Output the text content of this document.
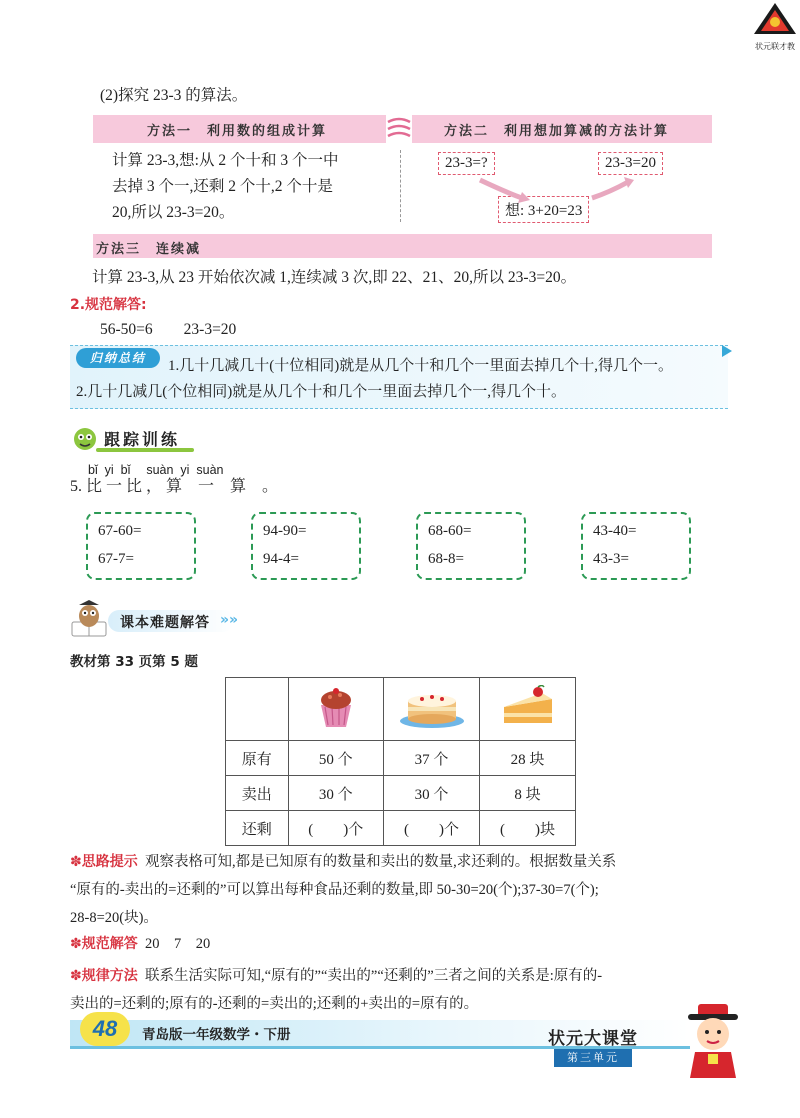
状元联才教
(2)探究 23-3 的算法。
方法一　利用数的组成计算	方法二　利用想加算减的方法计算
计算 23-3,想:从 2 个十和 3 个一中
去掉 3 个一,还剩 2 个十,2 个十是
20,所以 23-3=20。
23-3=?	23-3=20
想: 3+20=23
方法三　连续减
计算 23-3,从 23 开始依次减 1,连续减 3 次,即 22、21、20,所以 23-3=20。
2.规范解答:
56-50=6　　23-3=20
归纳总结	1.几十几减几十(十位相同)就是从几个十和几个一里面去掉几个十,得几个一。
2.几十几减几(个位相同)就是从几个十和几个一里面去掉几个一,得几个十。
跟踪训练
bǐ  yi  bǐ　 suàn  yi  suàn
5. 比 一 比 ， 算　一　算　。
67-60=
67-7=
94-90=
94-4=
68-60=
68-8=
43-40=
43-3=
课本难题解答 »»
教材第 33 页第 5 题

原有	50 个	37 个	28 块
卖出	30 个	30 个	8 块
还剩	(　　)个	(　　)个	(　　)块
✽思路提示 观察表格可知,都是已知原有的数量和卖出的数量,求还剩的。根据数量关系
“原有的-卖出的=还剩的”可以算出每种食品还剩的数量,即 50-30=20(个);37-30=7(个);
28-8=20(块)。
✽规范解答 20　7　20
✽规律方法 联系生活实际可知,“原有的”“卖出的”“还剩的”三者之间的关系是:原有的-
卖出的=还剩的;原有的-还剩的=卖出的;还剩的+卖出的=原有的。
48	青岛版一年级数学・下册	状元大课堂
第三单元
